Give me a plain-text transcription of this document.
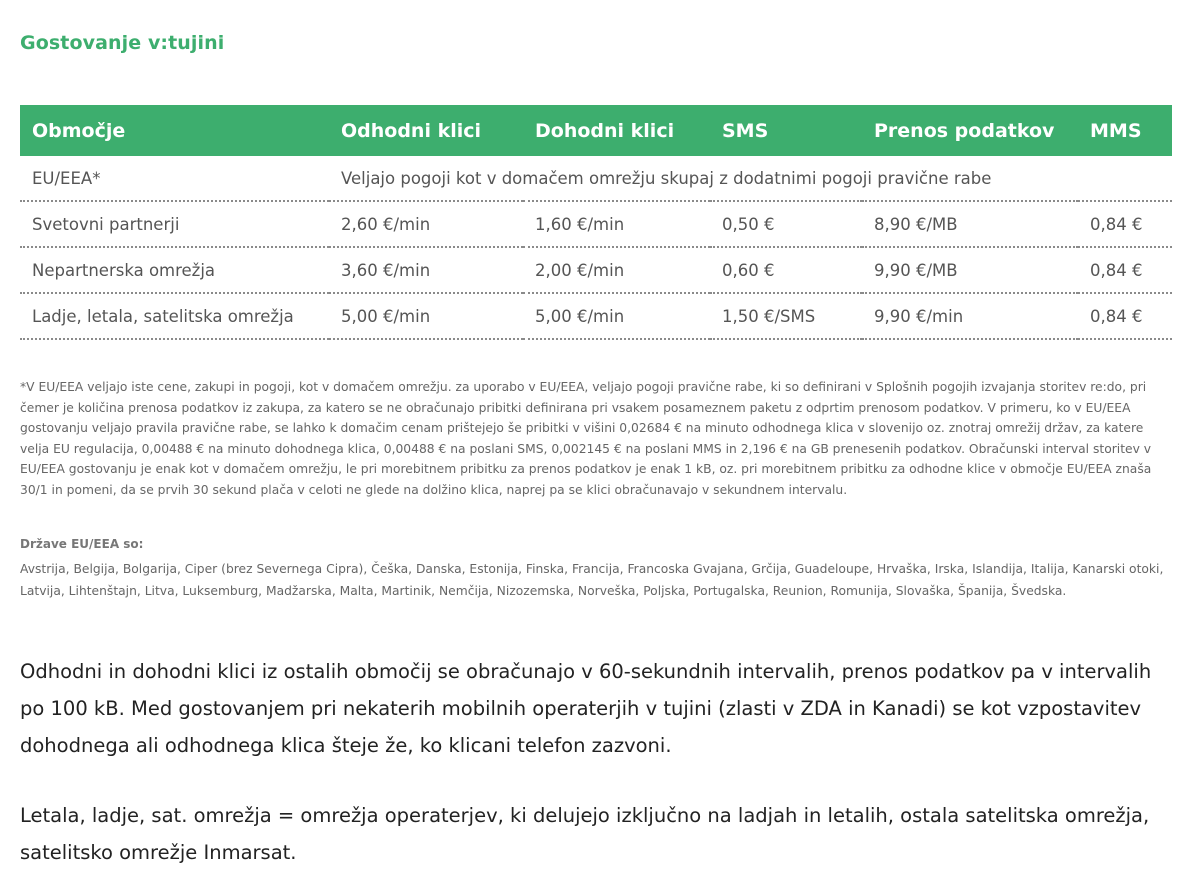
Gostovanje v:tujini
Območje	Odhodni klici	Dohodni klici	SMS	Prenos podatkov	MMS
EU/EEA*	Veljajo pogoji kot v domačem omrežju skupaj z dodatnimi pogoji pravične rabe				
Svetovni partnerji	2,60 €/min	1,60 €/min	0,50 €	8,90 €/MB	0,84 €
Nepartnerska omrežja	3,60 €/min	2,00 €/min	0,60 €	9,90 €/MB	0,84 €
Ladje, letala, satelitska omrežja	5,00 €/min	5,00 €/min	1,50 €/SMS	9,90 €/min	0,84 €

*V EU/EEA veljajo iste cene, zakupi in pogoji, kot v domačem omrežju. za uporabo v EU/EEA, veljajo pogoji pravične rabe, ki so definirani v Splošnih pogojih izvajanja storitev re:do, pri čemer je količina prenosa podatkov iz zakupa, za katero se ne obračunajo pribitki definirana pri vsakem posameznem paketu z odprtim prenosom podatkov. V primeru, ko v EU/EEA gostovanju veljajo pravila pravične rabe, se lahko k domačim cenam prištejejo še pribitki v višini 0,02684 € na minuto odhodnega klica v slovenijo oz. znotraj omrežij držav, za katere velja EU regulacija, 0,00488 € na minuto dohodnega klica, 0,00488 € na poslani SMS, 0,002145 € na poslani MMS in 2,196 € na GB prenesenih podatkov. Obračunski interval storitev v EU/EEA gostovanju je enak kot v domačem omrežju, le pri morebitnem pribitku za prenos podatkov je enak 1 kB, oz. pri morebitnem pribitku za odhodne klice v območje EU/EEA znaša 30/1 in pomeni, da se prvih 30 sekund plača v celoti ne glede na dolžino klica, naprej pa se klici obračunavajo v sekundnem intervalu.

Države EU/EEA so:

Avstrija, Belgija, Bolgarija, Ciper (brez Severnega Cipra), Češka, Danska, Estonija, Finska, Francija, Francoska Gvajana, Grčija, Guadeloupe, Hrvaška, Irska, Islandija, Italija, Kanarski otoki, Latvija, Lihtenštajn, Litva, Luksemburg, Madžarska, Malta, Martinik, Nemčija, Nizozemska, Norveška, Poljska, Portugalska, Reunion, Romunija, Slovaška, Španija, Švedska.

Odhodni in dohodni klici iz ostalih območij se obračunajo v 60-sekundnih intervalih, prenos podatkov pa v intervalih po 100 kB. Med gostovanjem pri nekaterih mobilnih operaterjih v tujini (zlasti v ZDA in Kanadi) se kot vzpostavitev dohodnega ali odhodnega klica šteje že, ko klicani telefon zazvoni.

Letala, ladje, sat. omrežja = omrežja operaterjev, ki delujejo izključno na ladjah in letalih, ostala satelitska omrežja, satelitsko omrežje Inmarsat.
